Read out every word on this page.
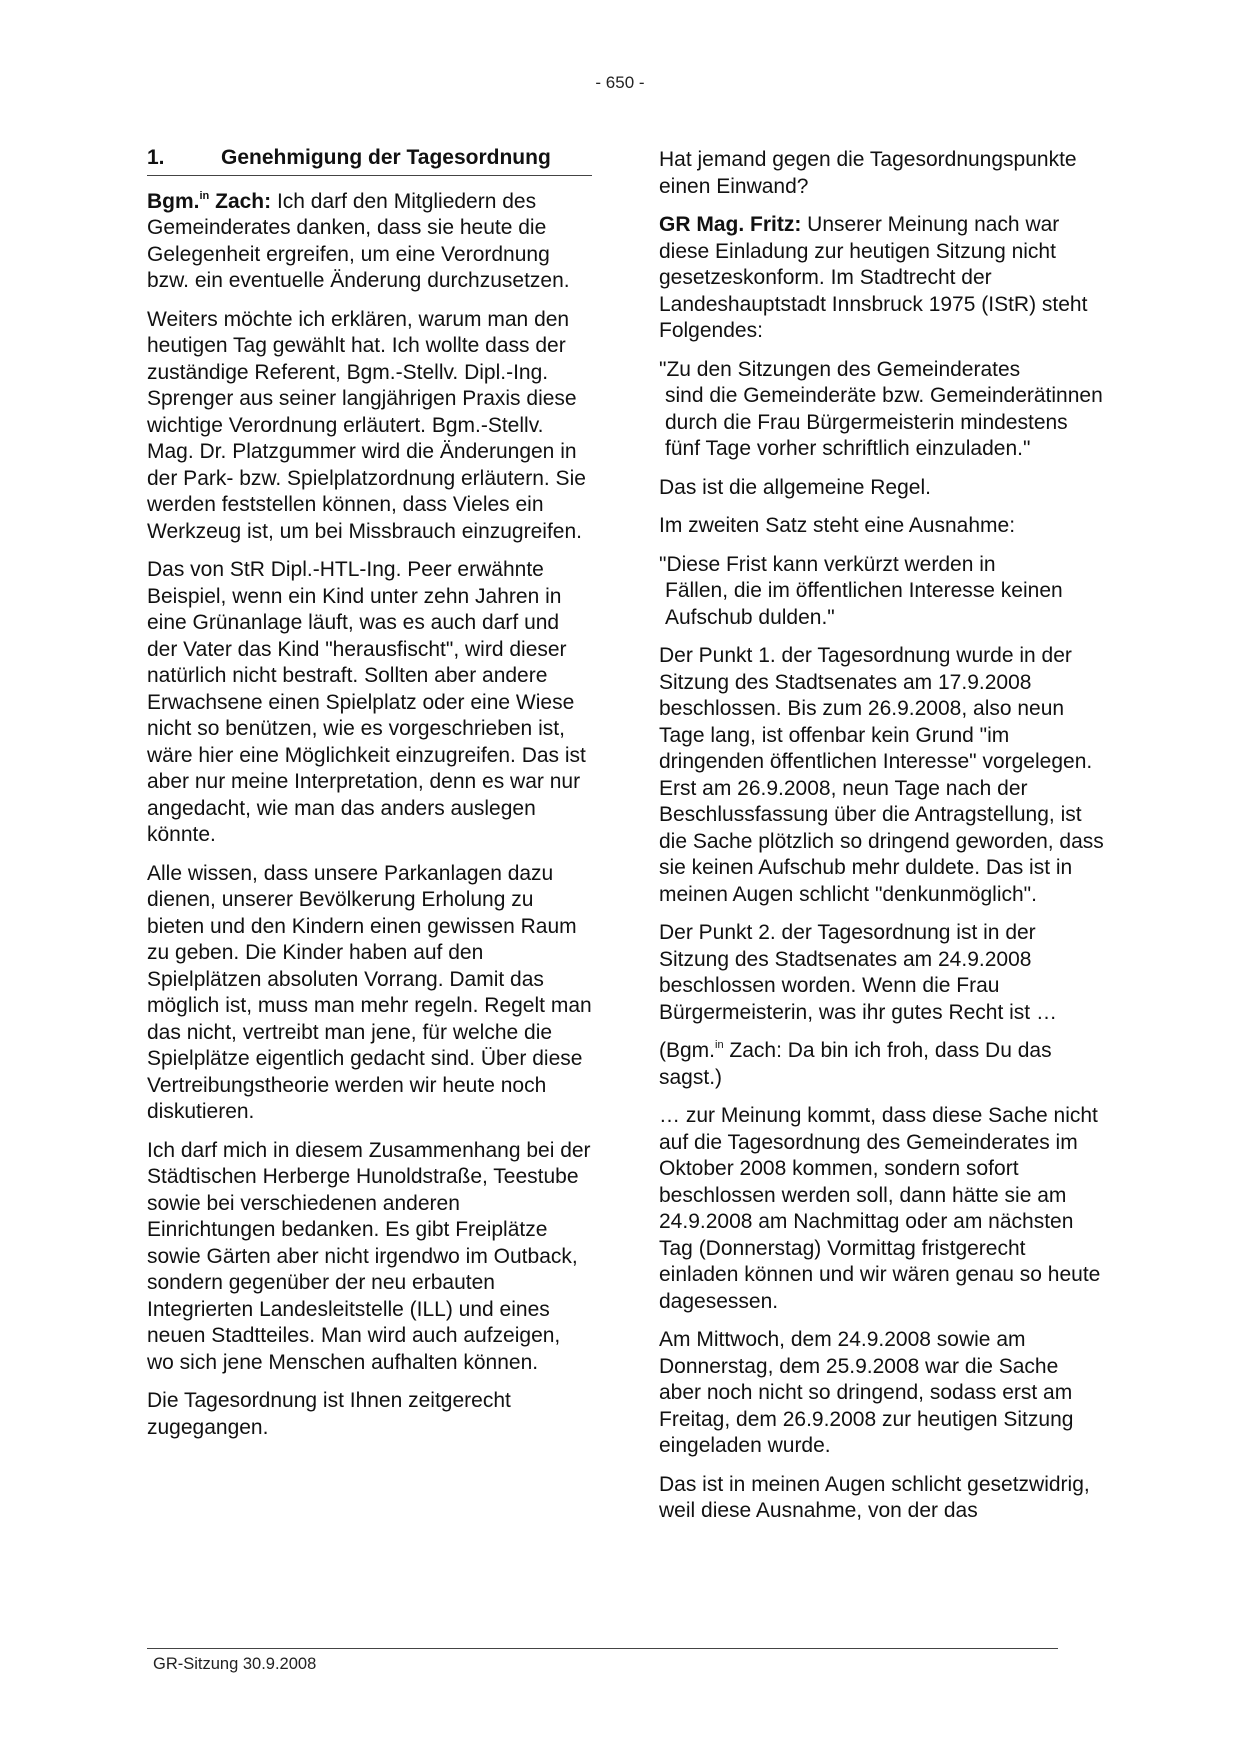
- 650 -

1.	Genehmigung der Tagesordnung

Bgm.$^{in}$ Zach: Ich darf den Mitgliedern des Gemeinderates danken, dass sie heute die Gelegenheit ergreifen, um eine Verordnung bzw. ein eventuelle Änderung durchzusetzen.

Weiters möchte ich erklären, warum man den heutigen Tag gewählt hat. Ich wollte dass der zuständige Referent, Bgm.-Stellv. Dipl.-Ing. Sprenger aus seiner langjährigen Praxis diese wichtige Verordnung erläutert. Bgm.-Stellv. Mag. Dr. Platzgummer wird die Änderungen in der Park- bzw. Spielplatzordnung erläutern. Sie werden feststellen können, dass Vieles ein Werkzeug ist, um bei Missbrauch einzugreifen.

Das von StR Dipl.-HTL-Ing. Peer erwähnte Beispiel, wenn ein Kind unter zehn Jahren in eine Grünanlage läuft, was es auch darf und der Vater das Kind "herausfischt", wird dieser natürlich nicht bestraft. Sollten aber andere Erwachsene einen Spielplatz oder eine Wiese nicht so benützen, wie es vorgeschrieben ist, wäre hier eine Möglichkeit einzugreifen. Das ist aber nur meine Interpretation, denn es war nur angedacht, wie man das anders auslegen könnte.

Alle wissen, dass unsere Parkanlagen dazu dienen, unserer Bevölkerung Erholung zu bieten und den Kindern einen gewissen Raum zu geben. Die Kinder haben auf den Spielplätzen absoluten Vorrang. Damit das möglich ist, muss man mehr regeln. Regelt man das nicht, vertreibt man jene, für welche die Spielplätze eigentlich gedacht sind. Über diese Vertreibungstheorie werden wir heute noch diskutieren.

Ich darf mich in diesem Zusammenhang bei der Städtischen Herberge Hunoldstraße, Teestube sowie bei verschiedenen anderen Einrichtungen bedanken. Es gibt Freiplätze sowie Gärten aber nicht irgendwo im Outback, sondern gegenüber der neu erbauten Integrierten Landesleitstelle (ILL) und eines neuen Stadtteiles. Man wird auch aufzeigen, wo sich jene Menschen aufhalten können.

Die Tagesordnung ist Ihnen zeitgerecht zugegangen.

Hat jemand gegen die Tagesordnungspunkte einen Einwand?

GR Mag. Fritz: Unserer Meinung nach war diese Einladung zur heutigen Sitzung nicht gesetzeskonform. Im Stadtrecht der Landeshauptstadt Innsbruck 1975 (IStR) steht Folgendes:

"Zu den Sitzungen des Gemeinderates
sind die Gemeinderäte bzw. Gemeinderätinnen durch die Frau Bürgermeisterin mindestens fünf Tage vorher schriftlich einzuladen."

Das ist die allgemeine Regel.

Im zweiten Satz steht eine Ausnahme:

"Diese Frist kann verkürzt werden in
Fällen, die im öffentlichen Interesse keinen Aufschub dulden."

Der Punkt 1. der Tagesordnung wurde in der Sitzung des Stadtsenates am 17.9.2008 beschlossen. Bis zum 26.9.2008, also neun Tage lang, ist offenbar kein Grund "im dringenden öffentlichen Interesse" vorgelegen. Erst am 26.9.2008, neun Tage nach der Beschlussfassung über die Antragstellung, ist die Sache plötzlich so dringend geworden, dass sie keinen Aufschub mehr duldete. Das ist in meinen Augen schlicht "denkunmöglich".

Der Punkt 2. der Tagesordnung ist in der Sitzung des Stadtsenates am 24.9.2008 beschlossen worden. Wenn die Frau Bürgermeisterin, was ihr gutes Recht ist …

(Bgm.$^{in}$ Zach: Da bin ich froh, dass Du das sagst.)

… zur Meinung kommt, dass diese Sache nicht auf die Tagesordnung des Gemeinderates im Oktober 2008 kommen, sondern sofort beschlossen werden soll, dann hätte sie am 24.9.2008 am Nachmittag oder am nächsten Tag (Donnerstag) Vormittag fristgerecht einladen können und wir wären genau so heute dagesessen.

Am Mittwoch, dem 24.9.2008 sowie am Donnerstag, dem 25.9.2008 war die Sache aber noch nicht so dringend, sodass erst am Freitag, dem 26.9.2008 zur heutigen Sitzung eingeladen wurde.

Das ist in meinen Augen schlicht gesetzwidrig, weil diese Ausnahme, von der das

GR-Sitzung 30.9.2008
